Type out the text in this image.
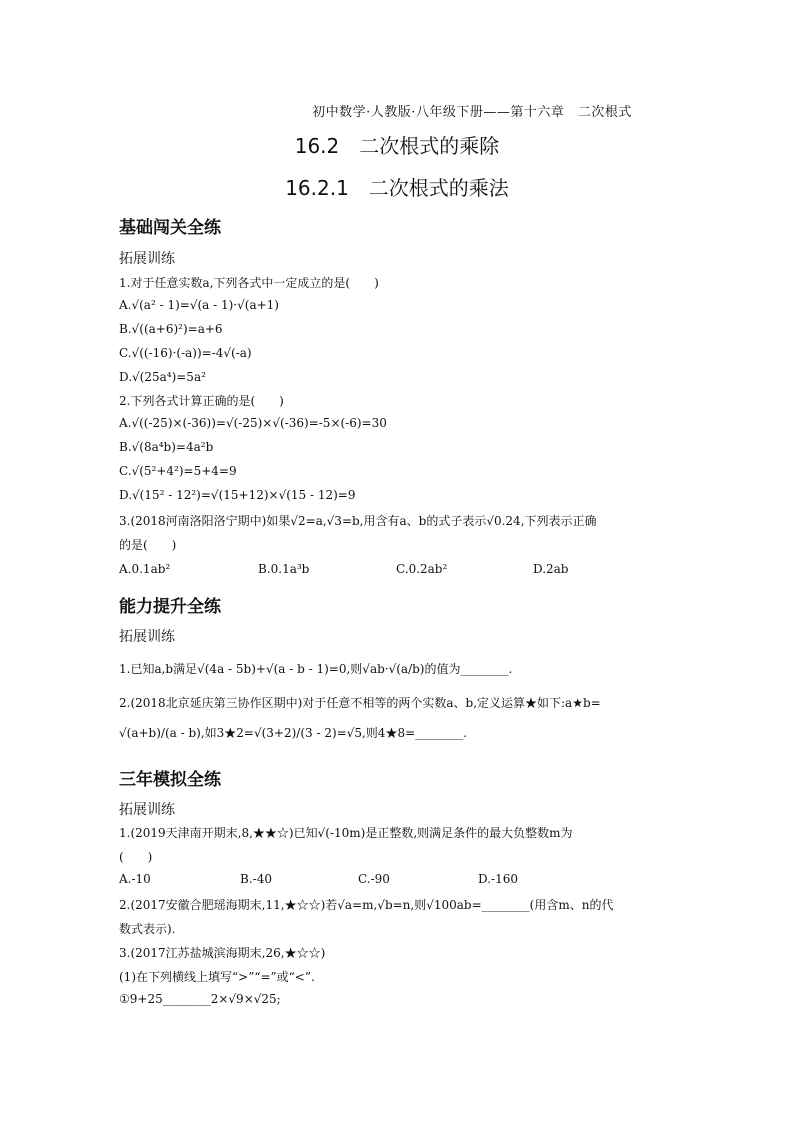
初中数学·人教版·八年级下册——第十六章　二次根式
16.2　二次根式的乘除
16.2.1　二次根式的乘法
基础闯关全练
拓展训练
1.对于任意实数a,下列各式中一定成立的是(　　)
A.√(a² - 1)=√(a - 1)·√(a+1)
B.√((a+6)²)=a+6
C.√((-16)·(-a))=-4√(-a)
D.√(25a⁴)=5a²
2.下列各式计算正确的是(　　)
A.√((-25)×(-36))=√(-25)×√(-36)=-5×(-6)=30
B.√(8a⁴b)=4a²b
C.√(5²+4²)=5+4=9
D.√(15² - 12²)=√(15+12)×√(15 - 12)=9
3.(2018河南洛阳洛宁期中)如果√2=a,√3=b,用含有a、b的式子表示√0.24,下列表示正确
的是(　　)
A.0.1ab²	B.0.1a³b	C.0.2ab²	D.2ab
能力提升全练
拓展训练
1.已知a,b满足√(4a - 5b)+√(a - b - 1)=0,则√ab·√(a/b)的值为________.
2.(2018北京延庆第三协作区期中)对于任意不相等的两个实数a、b,定义运算★如下:a★b=
√(a+b)/(a - b),如3★2=√(3+2)/(3 - 2)=√5,则4★8=________.
三年模拟全练
拓展训练
1.(2019天津南开期末,8,★★☆)已知√(-10m)是正整数,则满足条件的最大负整数m为
(　　)
A.-10	B.-40	C.-90	D.-160
2.(2017安徽合肥瑶海期末,11,★☆☆)若√a=m,√b=n,则√100ab=________(用含m、n的代
数式表示).
3.(2017江苏盐城滨海期末,26,★☆☆)
(1)在下列横线上填写“>”“=”或“<”.
①9+25________2×√9×√25;
